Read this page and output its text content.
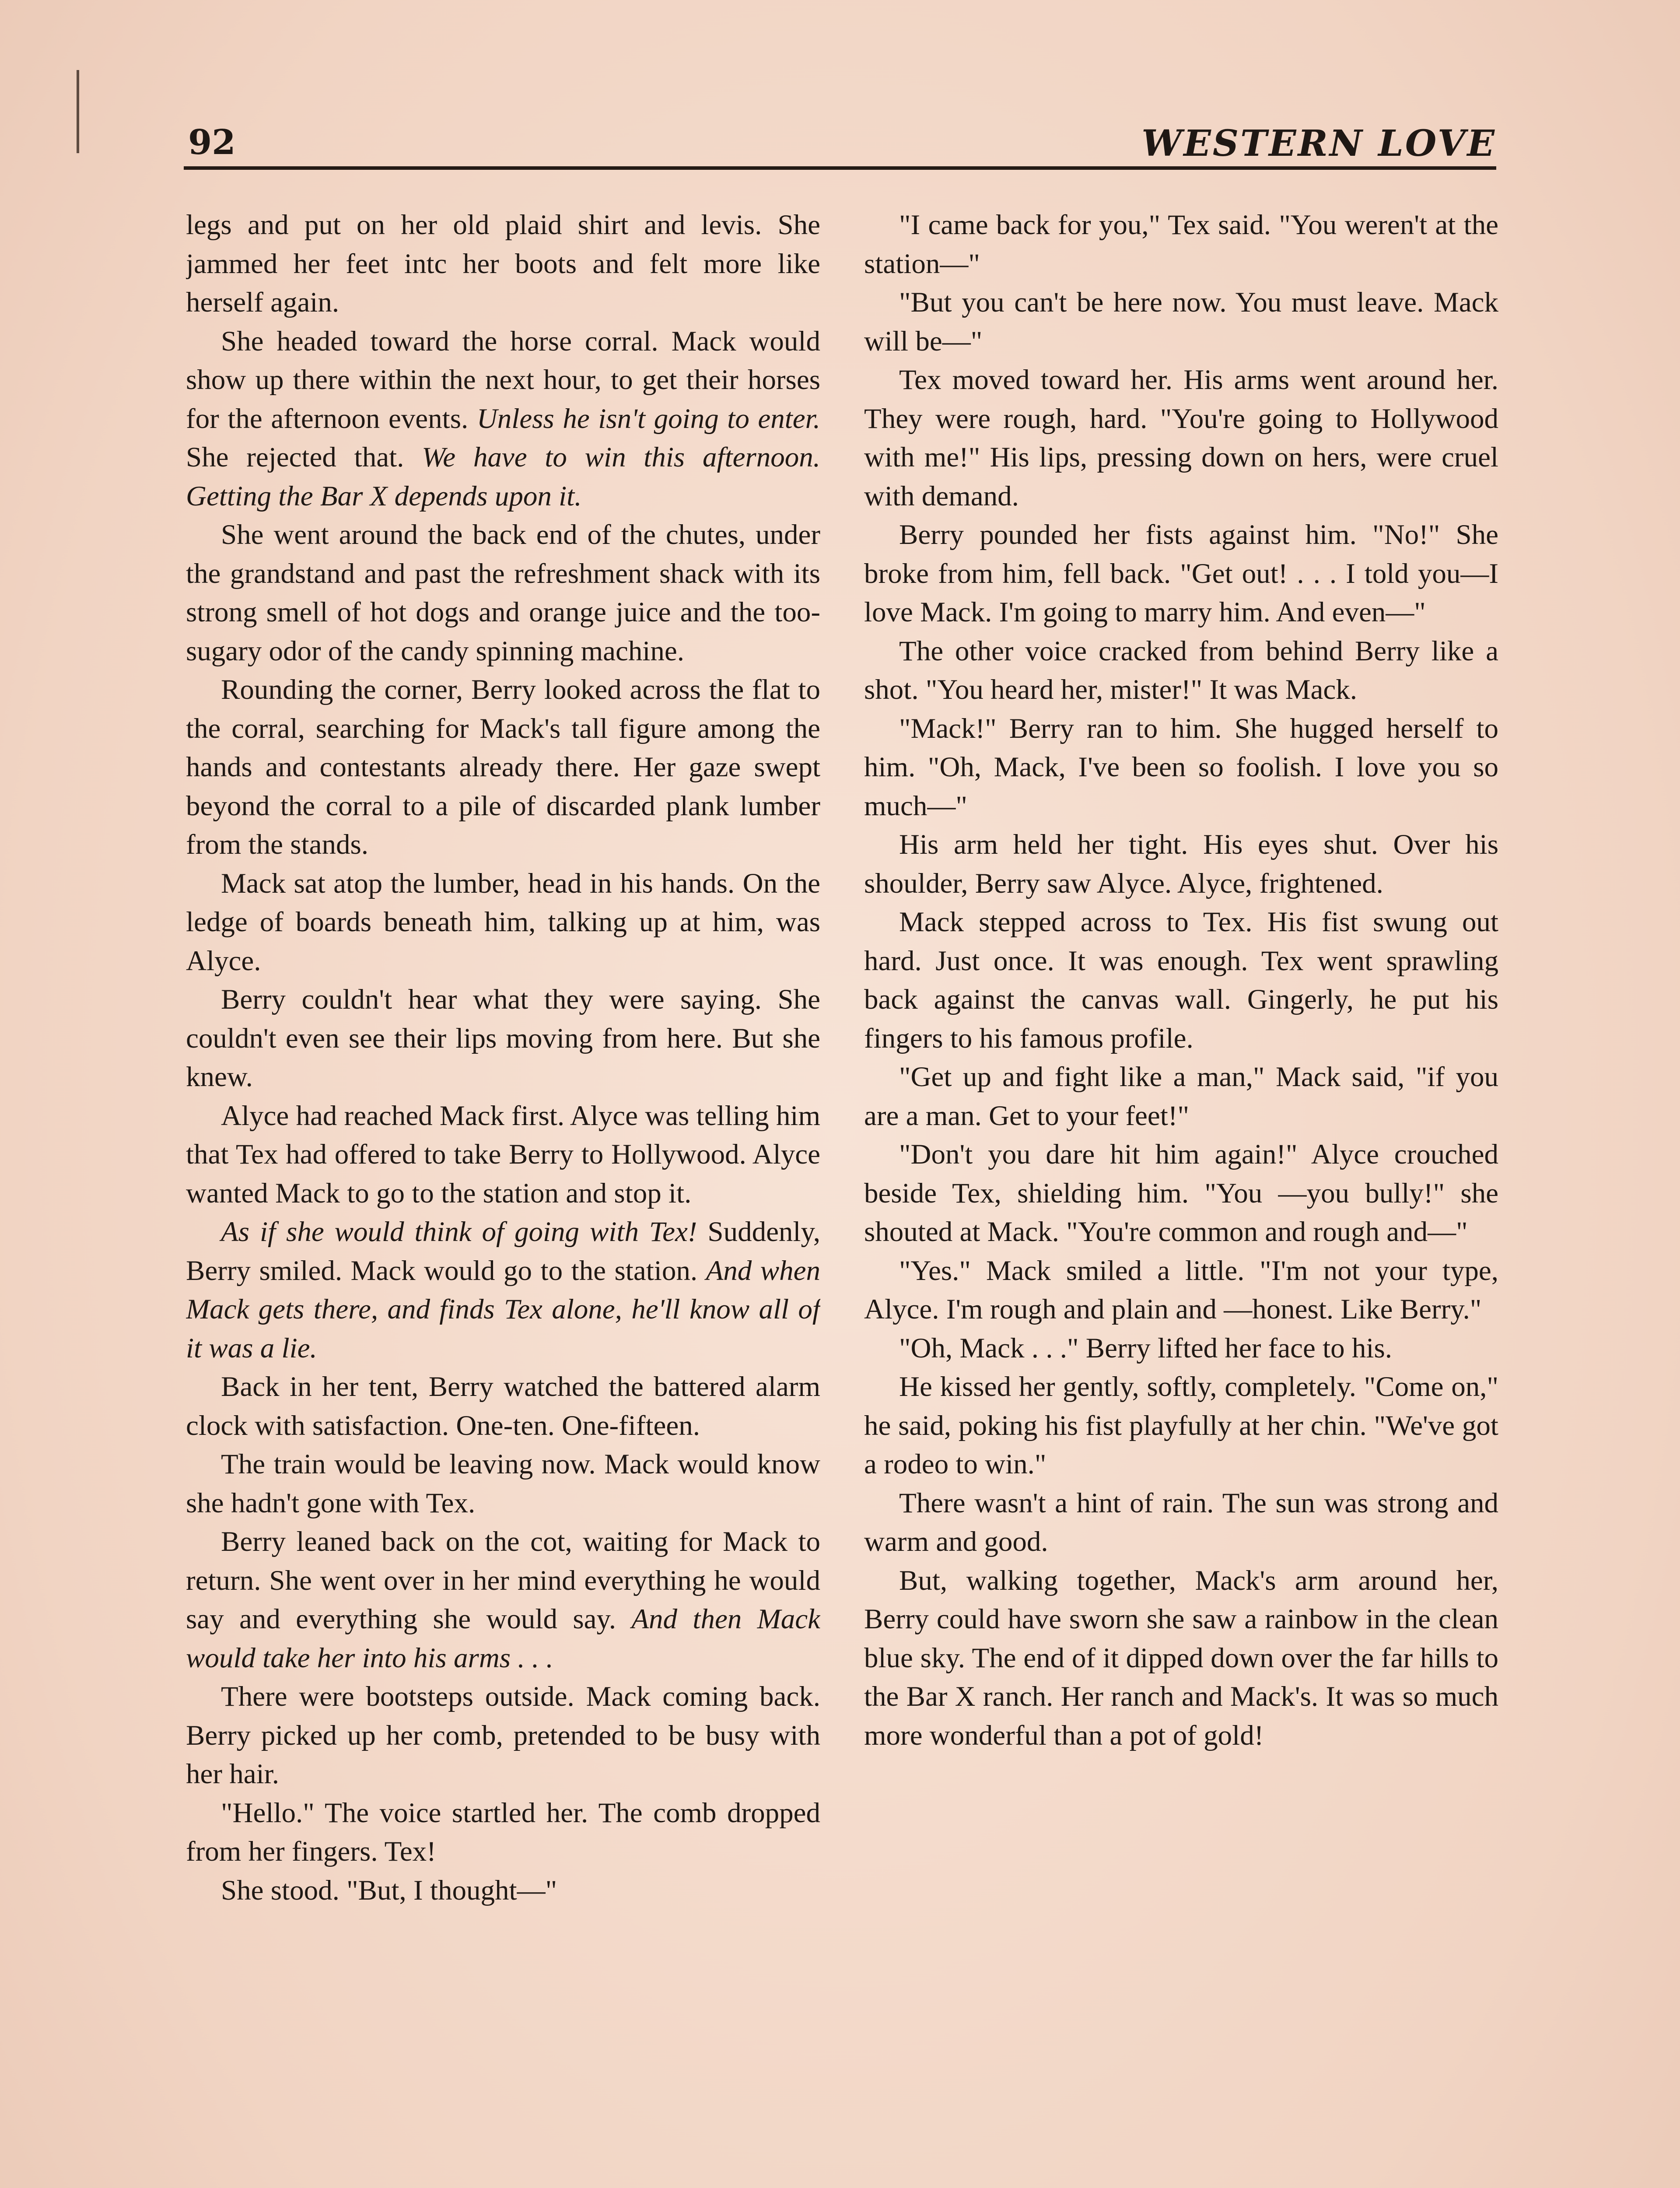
92	WESTERN LOVE

legs and put on her old plaid shirt and levis. She jammed her feet intc her boots and felt more like herself again.

She headed toward the horse corral. Mack would show up there within the next hour, to get their horses for the afternoon events. Unless he isn't going to enter. She rejected that. We have to win this afternoon. Getting the Bar X depends upon it.

She went around the back end of the chutes, under the grandstand and past the refreshment shack with its strong smell of hot dogs and orange juice and the too-sugary odor of the candy spinning machine.

Rounding the corner, Berry looked across the flat to the corral, searching for Mack's tall figure among the hands and contestants already there. Her gaze swept beyond the corral to a pile of discarded plank lumber from the stands.

Mack sat atop the lumber, head in his hands. On the ledge of boards beneath him, talking up at him, was Alyce.

Berry couldn't hear what they were saying. She couldn't even see their lips moving from here. But she knew.

Alyce had reached Mack first. Alyce was telling him that Tex had offered to take Berry to Hollywood. Alyce wanted Mack to go to the station and stop it.

As if she would think of going with Tex! Suddenly, Berry smiled. Mack would go to the station. And when Mack gets there, and finds Tex alone, he'll know all of it was a lie.

Back in her tent, Berry watched the battered alarm clock with satisfaction. One-ten. One-fifteen.

The train would be leaving now. Mack would know she hadn't gone with Tex.

Berry leaned back on the cot, waiting for Mack to return. She went over in her mind everything he would say and everything she would say. And then Mack would take her into his arms . . .

There were bootsteps outside. Mack coming back. Berry picked up her comb, pretended to be busy with her hair.

"Hello." The voice startled her. The comb dropped from her fingers. Tex!

She stood. "But, I thought—"

"I came back for you," Tex said. "You weren't at the station—"

"But you can't be here now. You must leave. Mack will be—"

Tex moved toward her. His arms went around her. They were rough, hard. "You're going to Hollywood with me!" His lips, pressing down on hers, were cruel with demand.

Berry pounded her fists against him. "No!" She broke from him, fell back. "Get out! . . . I told you—I love Mack. I'm going to marry him. And even—"

The other voice cracked from behind Berry like a shot. "You heard her, mister!" It was Mack.

"Mack!" Berry ran to him. She hugged herself to him. "Oh, Mack, I've been so foolish. I love you so much—"

His arm held her tight. His eyes shut. Over his shoulder, Berry saw Alyce. Alyce, frightened.

Mack stepped across to Tex. His fist swung out hard. Just once. It was enough. Tex went sprawling back against the canvas wall. Gingerly, he put his fingers to his famous profile.

"Get up and fight like a man," Mack said, "if you are a man. Get to your feet!"

"Don't you dare hit him again!" Alyce crouched beside Tex, shielding him. "You —you bully!" she shouted at Mack. "You're common and rough and—"

"Yes." Mack smiled a little. "I'm not your type, Alyce. I'm rough and plain and —honest. Like Berry."

"Oh, Mack . . ." Berry lifted her face to his.

He kissed her gently, softly, completely. "Come on," he said, poking his fist playfully at her chin. "We've got a rodeo to win."

There wasn't a hint of rain. The sun was strong and warm and good.

But, walking together, Mack's arm around her, Berry could have sworn she saw a rainbow in the clean blue sky. The end of it dipped down over the far hills to the Bar X ranch. Her ranch and Mack's. It was so much more wonderful than a pot of gold!
